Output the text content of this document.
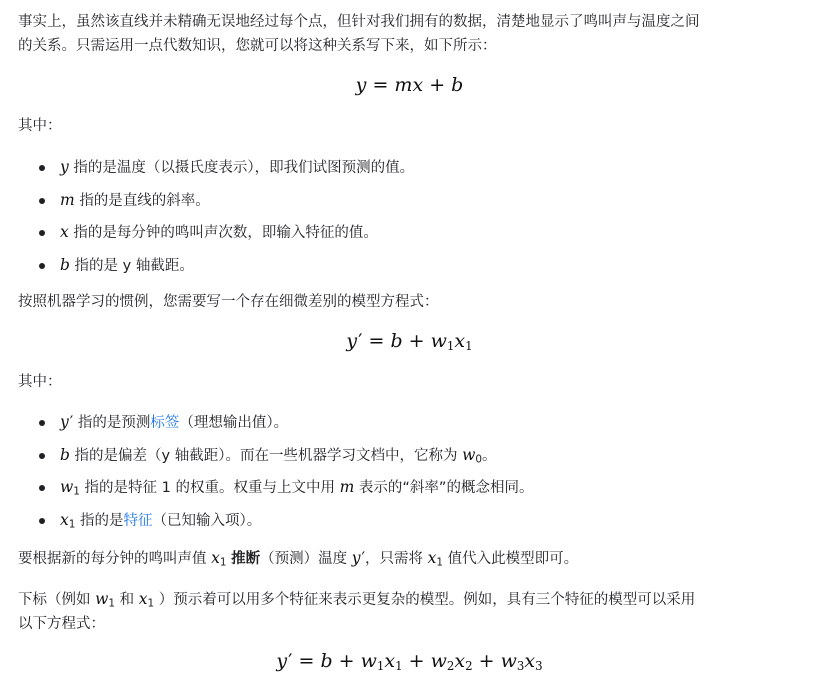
事实上，虽然该直线并未精确无误地经过每个点，但针对我们拥有的数据，清楚地显示了鸣叫声与温度之间
的关系。只需运用一点代数知识，您就可以将这种关系写下来，如下所示：

y = mx + b

其中：

y 指的是温度（以摄氏度表示），即我们试图预测的值。
m 指的是直线的斜率。
x 指的是每分钟的鸣叫声次数，即输入特征的值。
b 指的是 y 轴截距。

按照机器学习的惯例，您需要写一个存在细微差别的模型方程式：

$y' = b + w_1x_1$

其中：

y′ 指的是预测标签（理想输出值）。
b 指的是偏差（y 轴截距）。而在一些机器学习文档中，它称为 $w_0$。
$w_1$ 指的是特征 1 的权重。权重与上文中用 m 表示的“斜率”的概念相同。
$x_1$ 指的是特征（已知输入项）。

要根据新的每分钟的鸣叫声值 $x_1$ 推断（预测）温度 y′，只需将 $x_1$ 值代入此模型即可。

下标（例如 $w_1$ 和 $x_1$ ）预示着可以用多个特征来表示更复杂的模型。例如，具有三个特征的模型可以采用
以下方程式：

$y' = b + w_1x_1 + w_2x_2 + w_3x_3$
